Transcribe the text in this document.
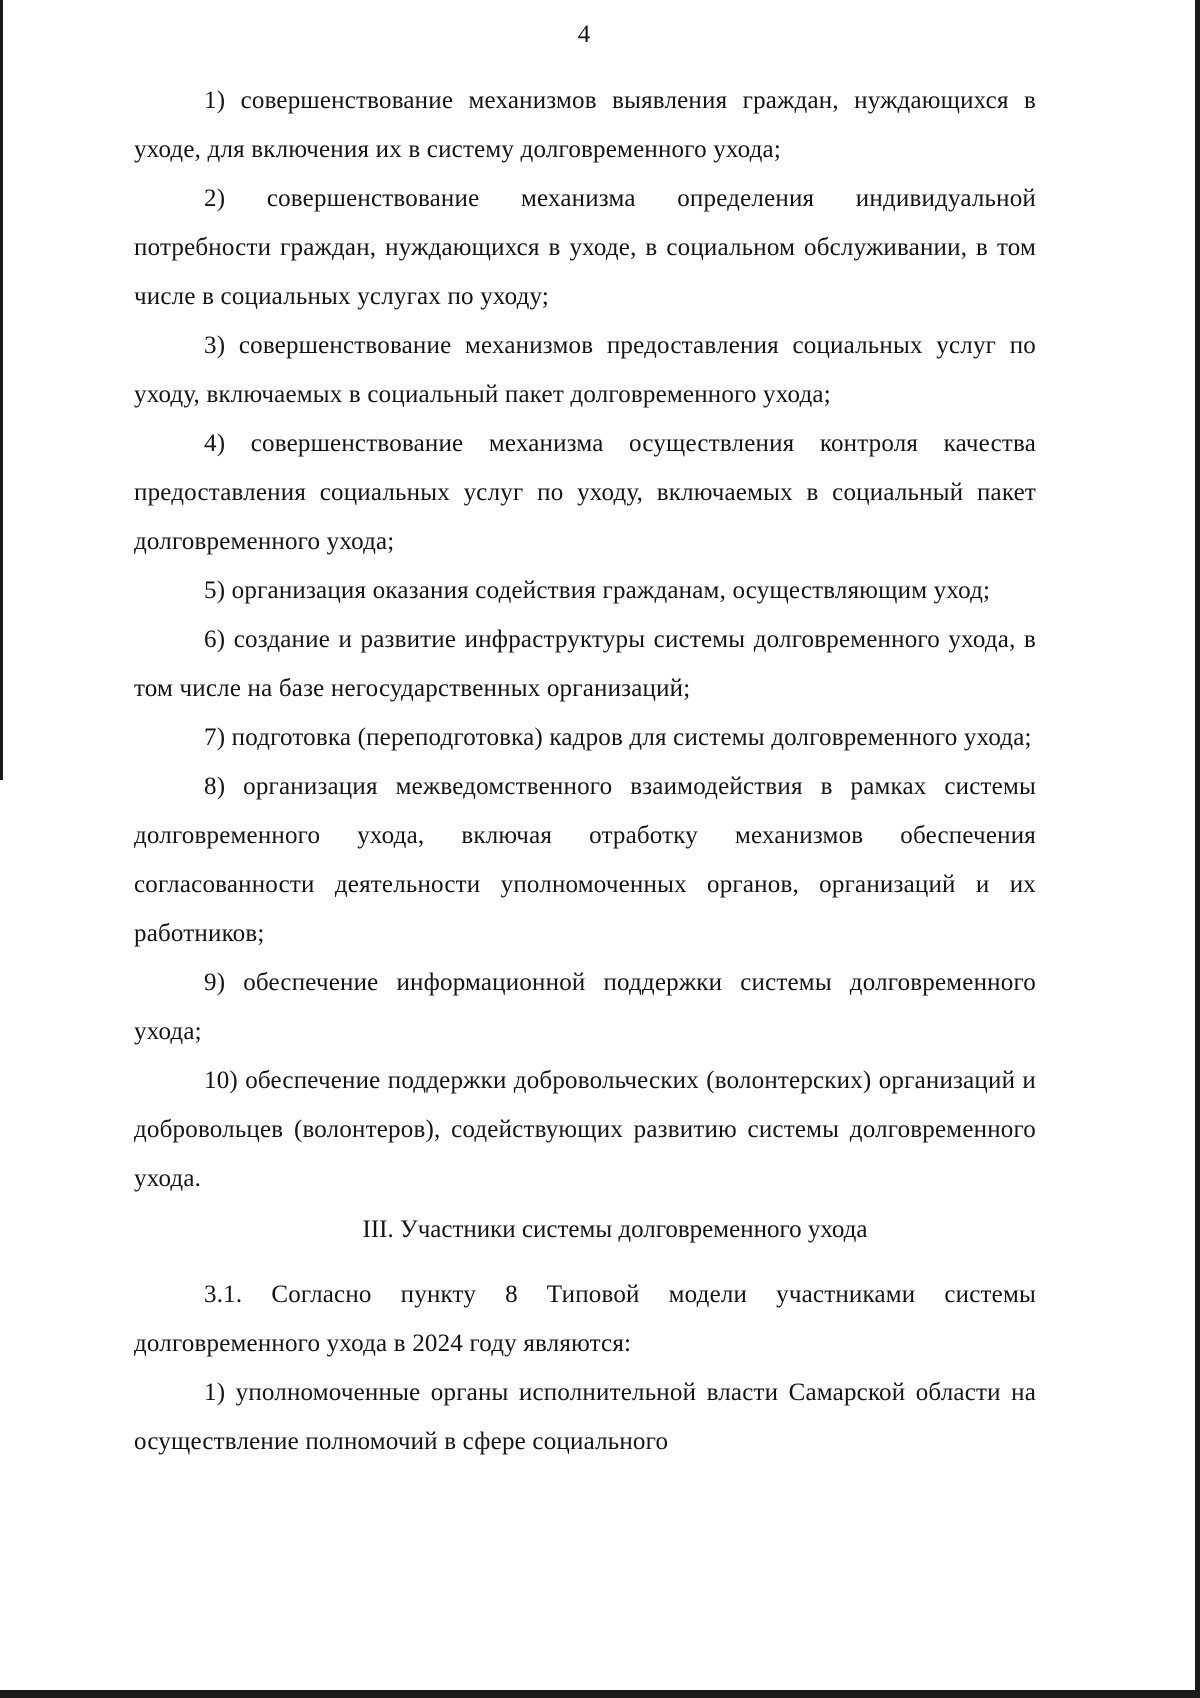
4

1) совершенствование механизмов выявления граждан, нуждающихся в уходе, для включения их в систему долговременного ухода;

2) совершенствование механизма определения индивидуальной потребности граждан, нуждающихся в уходе, в социальном обслуживании, в том числе в социальных услугах по уходу;

3) совершенствование механизмов предоставления социальных услуг по уходу, включаемых в социальный пакет долговременного ухода;

4) совершенствование механизма осуществления контроля качества предоставления социальных услуг по уходу, включаемых в социальный пакет долговременного ухода;

5) организация оказания содействия гражданам, осуществляющим уход;

6) создание и развитие инфраструктуры системы долговременного ухода, в том числе на базе негосударственных организаций;

7) подготовка (переподготовка) кадров для системы долговременного ухода;

8) организация межведомственного взаимодействия в рамках системы долговременного ухода, включая отработку механизмов обеспечения согласованности деятельности уполномоченных органов, организаций и их работников;

9) обеспечение информационной поддержки системы долговременного ухода;

10) обеспечение поддержки добровольческих (волонтерских) организаций и добровольцев (волонтеров), содействующих развитию системы долговременного ухода.

III. Участники системы долговременного ухода

3.1. Согласно пункту 8 Типовой модели участниками системы долговременного ухода в 2024 году являются:

1) уполномоченные органы исполнительной власти Самарской области на осуществление полномочий в сфере социального
